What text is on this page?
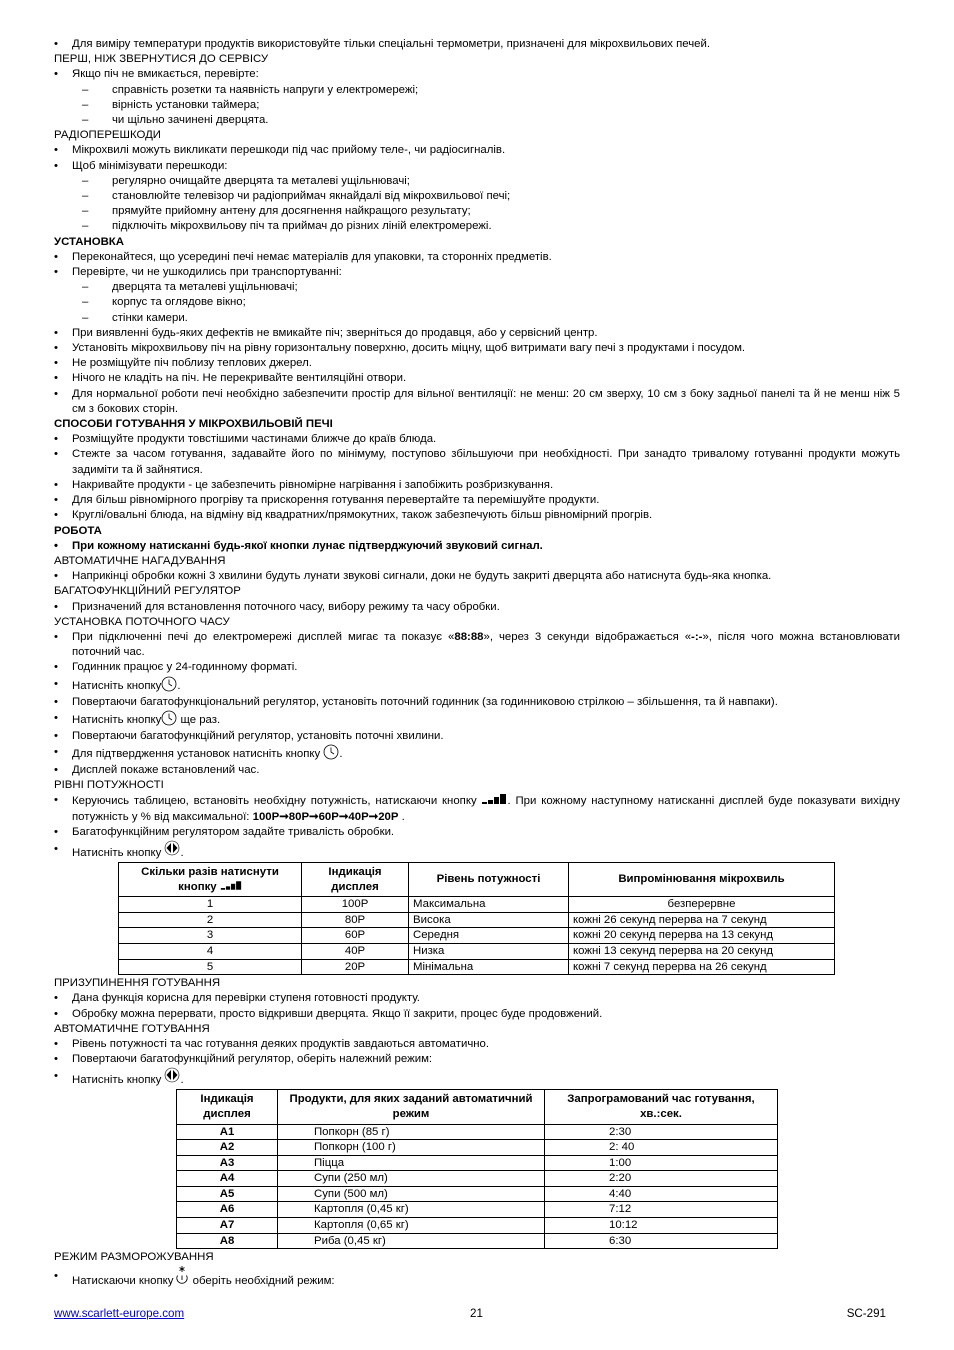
•	Для виміру температури продуктів використовуйте тільки спеціальні термометри, призначені для мікрохвильових печей.

ПЕРШ, НІЖ ЗВЕРНУТИСЯ ДО СЕРВІСУ

•	Якщо піч не вмикається, перевірте:
–	справність розетки та наявність напруги у електромережі;
–	вірність установки таймера;
–	чи щільно зачинені дверцята.

РАДІОПЕРЕШКОДИ

•	Мікрохвилі можуть викликати перешкоди під час прийому теле-, чи радіосигналів.
•	Щоб мінімізувати перешкоди:
–	регулярно очищайте дверцята та металеві ущільнювачі;
–	становлюйте телевізор чи радіоприймач якнайдалі від мікрохвильової печі;
–	прямуйте прийомну антену для досягнення найкращого результату;
–	підключіть мікрохвильову піч та приймач до різних ліній електромережі.

УСТАНОВКА

•	Переконайтеся, що усередині печі немає матеріалів для упаковки, та сторонніх предметів.
•	Перевірте, чи не ушкодились при транспортуванні:
–	дверцята та металеві ущільнювачі;
–	корпус та оглядове вікно;
–	стінки камери.
•	При виявленні будь-яких дефектів не вмикайте піч; зверніться до продавця, або у сервісний центр.
•	Установіть мікрохвильову піч на рівну горизонтальну поверхню, досить міцну, щоб витримати вагу печі з продуктами і посудом.
•	Не розміщуйте піч поблизу теплових джерел.
•	Нічого не кладіть на піч. Не перекривайте вентиляційні отвори.
•	Для нормальної роботи печі необхідно забезпечити простір для вільної вентиляції: не менш: 20 см зверху, 10 см з боку задньої панелі та й не менш ніж 5 см з бокових сторін.

СПОСОБИ ГОТУВАННЯ У МІКРОХВИЛЬОВІЙ ПЕЧІ

•	Розміщуйте продукти товстішими частинами ближче до країв блюда.
•	Стежте за часом готування, задавайте його по мінімуму, поступово збільшуючи при необхідності. При занадто тривалому готуванні продукти можуть задиміти та й зайнятися.
•	Накривайте продукти - це забезпечить рівномірне нагрівання і запобіжить розбризкування.
•	Для більш рівномірного прогріву та прискорення готування перевертайте та перемішуйте продукти.
•	Круглі/овальні блюда, на відміну від квадратних/прямокутних, також забезпечують більш рівномірний прогрів.

РОБОТА

•	При кожному натисканні будь-якої кнопки лунає підтверджуючий звуковий сигнал.

АВТОМАТИЧНЕ НАГАДУВАННЯ

•	Наприкінці обробки кожні 3 хвилини будуть лунати звукові сигнали, доки не будуть закриті дверцята або натиснута будь-яка кнопка.

БАГАТОФУНКЦІЙНИЙ РЕГУЛЯТОР

•	Призначений для встановлення поточного часу, вибору режиму та часу обробки.

УСТАНОВКА ПОТОЧНОГО ЧАСУ

•	При підключенні печі до електромережі дисплей мигає та показує «88:88», через 3 секунди відображається «-:-», після чого можна встановлювати поточний час.
•	Годинник працює у 24-годинному форматі.
•	Натисніть кнопку .
•	Повертаючи багатофункціональний регулятор, установіть поточний годинник (за годинниковою стрілкою – збільшення, та й навпаки).
•	Натисніть кнопку ще раз.
•	Повертаючи багатофункційний регулятор, установіть поточні хвилини.
•	Для підтвердження установок натисніть кнопку .
•	Дисплей покаже встановлений час.

РІВНІ ПОТУЖНОСТІ

•	Керуючись таблицею, встановіть необхідну потужність, натискаючи кнопку	. При кожному наступному натисканні дисплей буде показувати вихідну потужність у % від максимальної: 100P➞80P➞60P➞40P➞20P .
•	Багатофункційним регулятором задайте тривалість обробки.
•	Натисніть кнопку .
Скільки разів натиснути кнопку	Індикація дисплея	Рівень потужності	Випромінювання мікрохвиль
1	100P	Максимальна	безперервне
2	80P	Висока	кожні 26 секунд перерва на 7 секунд
3	60P	Середня	кожні 20 секунд перерва на 13 секунд
4	40P	Низка	кожні 13 секунд перерва на 20 секунд
5	20P	Мінімальна	кожні 7 секунд перерва на 26 секунд

ПРИЗУПИНЕННЯ ГОТУВАННЯ

•	Дана функція корисна для перевірки ступеня готовності продукту.
•	Обробку можна перервати, просто відкривши дверцята. Якщо її закрити, процес буде продовжений.

АВТОМАТИЧНЕ ГОТУВАННЯ

•	Рівень потужності та час готування деяких продуктів завдаються автоматично.
•	Повертаючи багатофункційний регулятор, оберіть належний режим:
•	Натисніть кнопку .
Індикація дисплея	Продукти, для яких заданий автоматичний режим	Запрограмований час готування, хв.:сек.
A1	Попкорн (85 г)	2:30
A2	Попкорн (100 г)	2: 40
A3	Піцца	1:00
A4	Супи (250 мл)	2:20
A5	Супи (500 мл)	4:40
A6	Картопля (0,45 кг)	7:12
A7	Картопля (0,65 кг)	10:12
A8	Риба (0,45 кг)	6:30

РЕЖИМ РАЗМОРОЖУВАННЯ

•	Натискаючи кнопку оберіть необхідний режим:
www.scarlett-europe.com	21	SC-291
